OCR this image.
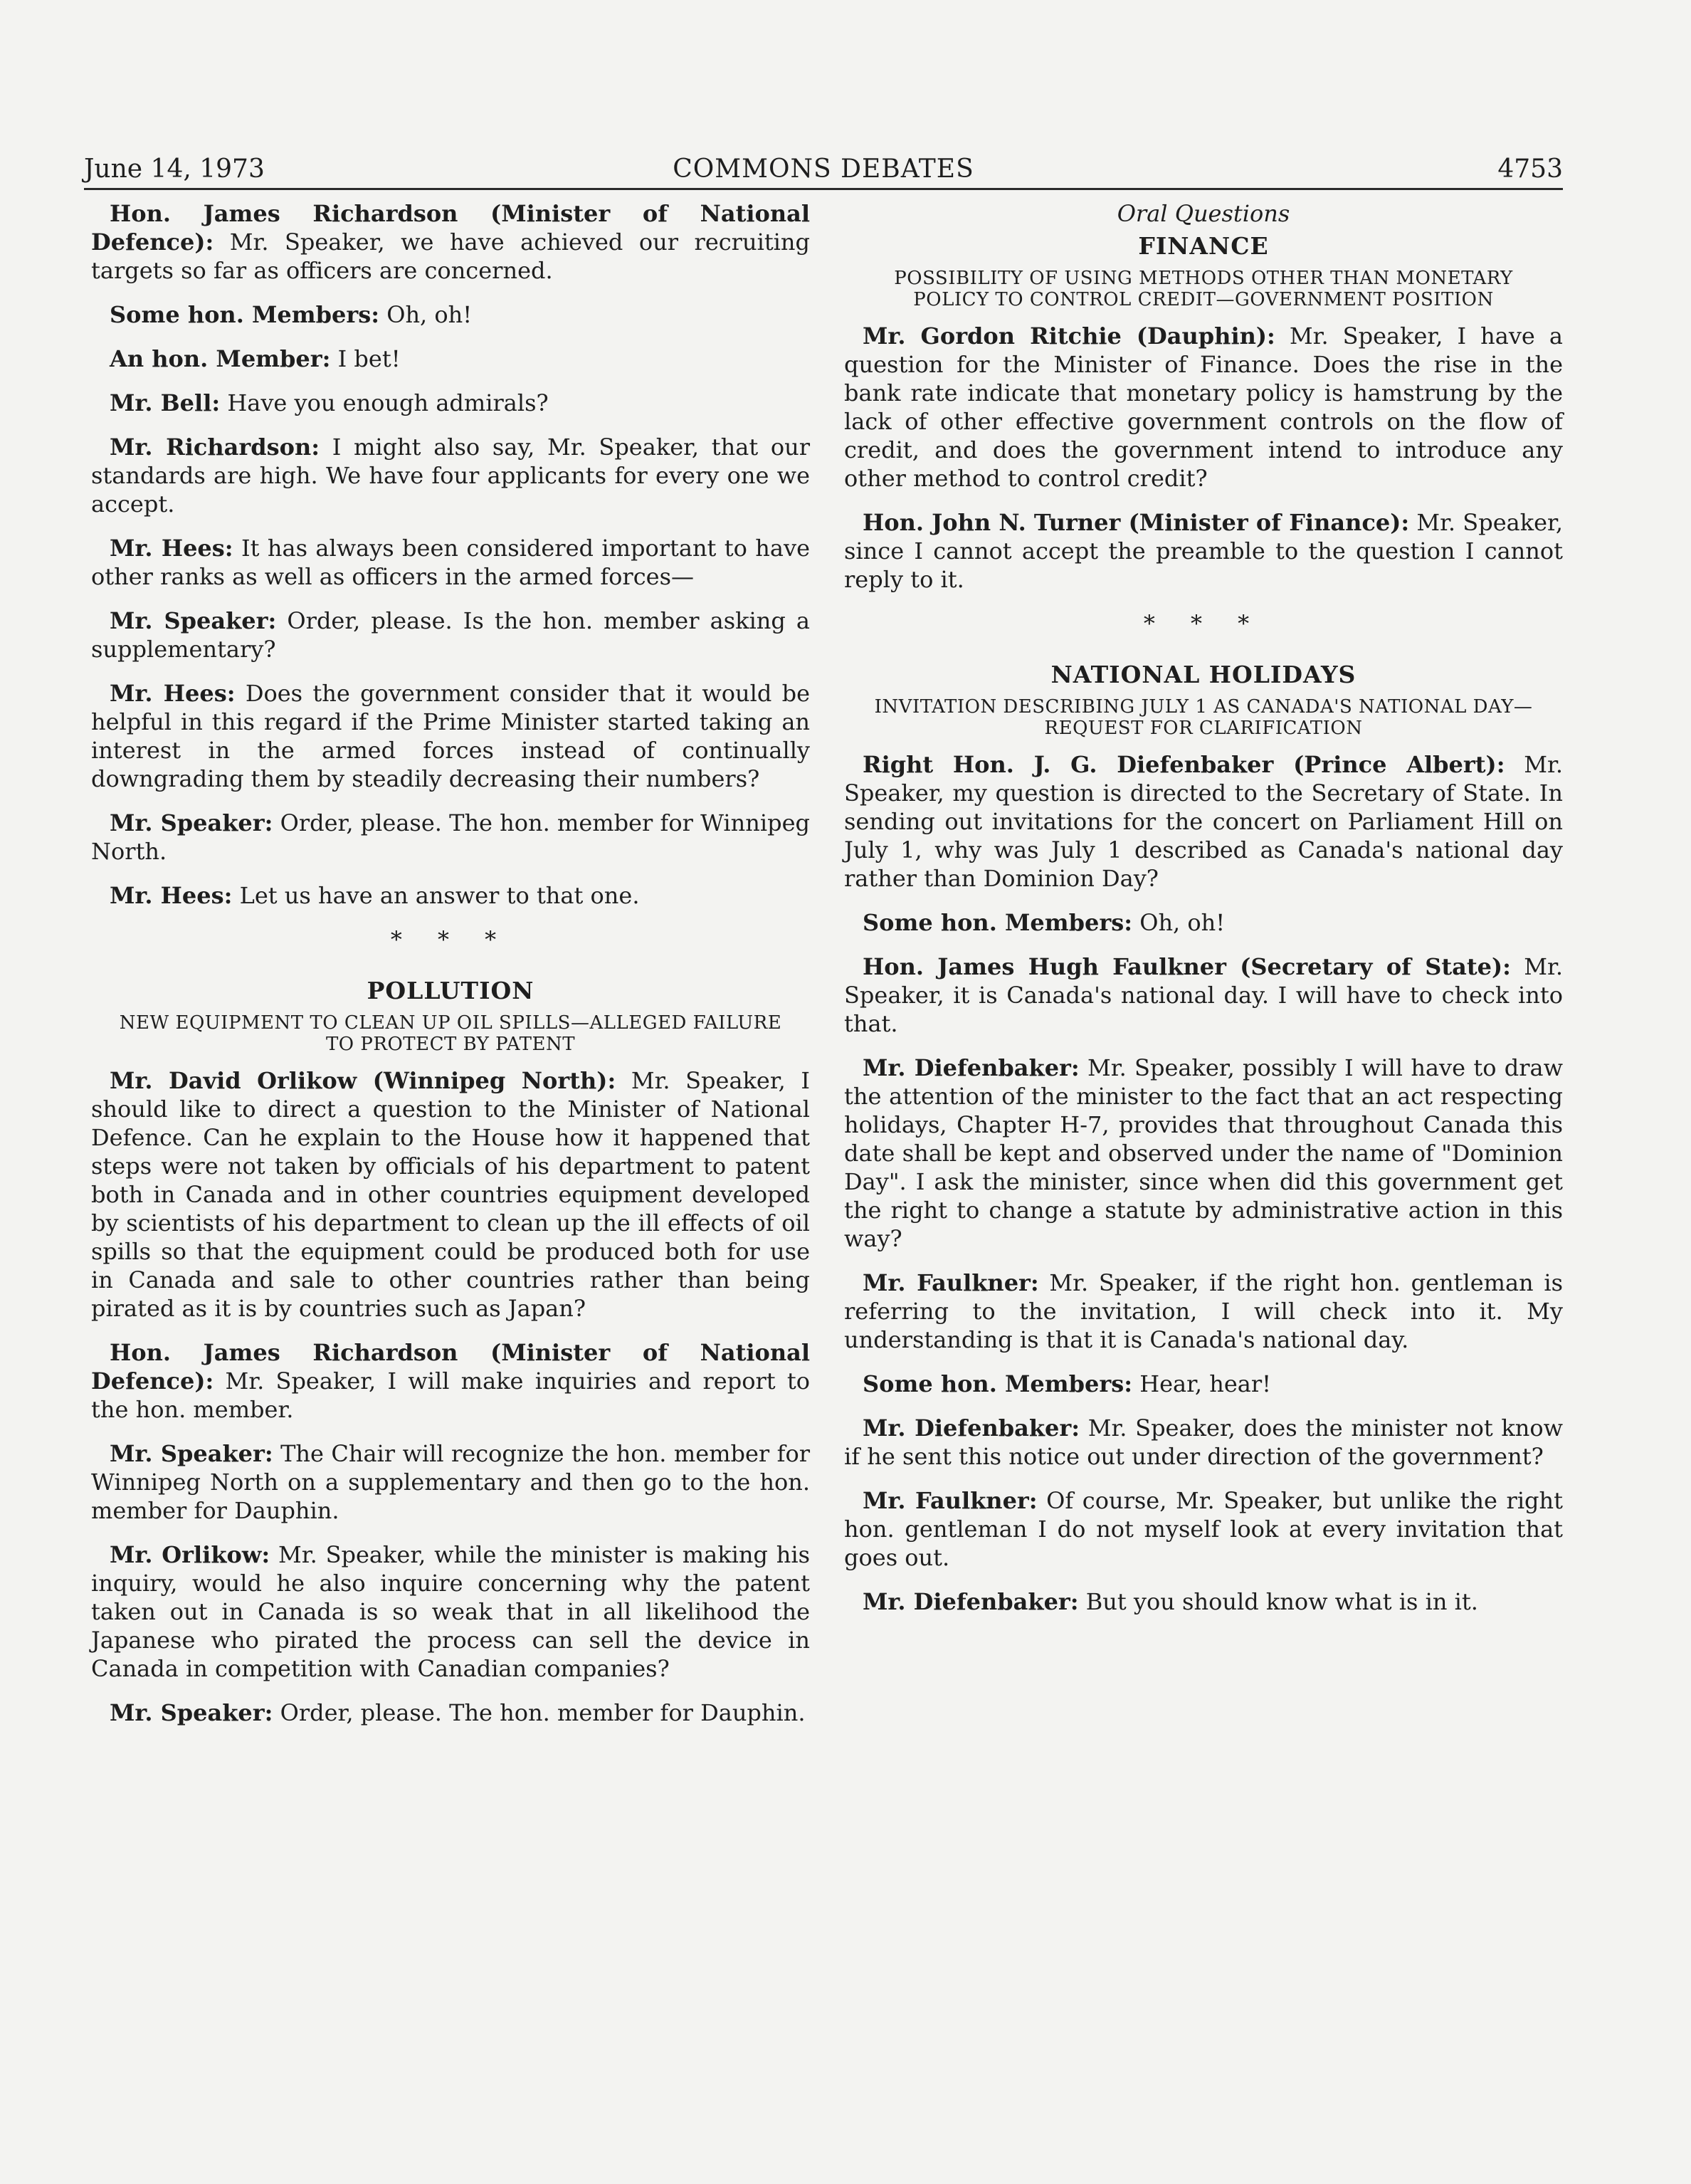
June 14, 1973	COMMONS DEBATES	4753

Hon. James Richardson (Minister of National Defence): Mr. Speaker, we have achieved our recruiting targets so far as officers are concerned.

Some hon. Members: Oh, oh!

An hon. Member: I bet!

Mr. Bell: Have you enough admirals?

Mr. Richardson: I might also say, Mr. Speaker, that our standards are high. We have four applicants for every one we accept.

Mr. Hees: It has always been considered important to have other ranks as well as officers in the armed forces—

Mr. Speaker: Order, please. Is the hon. member asking a supplementary?

Mr. Hees: Does the government consider that it would be helpful in this regard if the Prime Minister started taking an interest in the armed forces instead of continually downgrading them by steadily decreasing their numbers?

Mr. Speaker: Order, please. The hon. member for Winnipeg North.

Mr. Hees: Let us have an answer to that one.

* * *
POLLUTION
NEW EQUIPMENT TO CLEAN UP OIL SPILLS—ALLEGED FAILURE TO PROTECT BY PATENT

Mr. David Orlikow (Winnipeg North): Mr. Speaker, I should like to direct a question to the Minister of National Defence. Can he explain to the House how it happened that steps were not taken by officials of his department to patent both in Canada and in other countries equipment developed by scientists of his department to clean up the ill effects of oil spills so that the equipment could be produced both for use in Canada and sale to other countries rather than being pirated as it is by countries such as Japan?

Hon. James Richardson (Minister of National Defence): Mr. Speaker, I will make inquiries and report to the hon. member.

Mr. Speaker: The Chair will recognize the hon. member for Winnipeg North on a supplementary and then go to the hon. member for Dauphin.

Mr. Orlikow: Mr. Speaker, while the minister is making his inquiry, would he also inquire concerning why the patent taken out in Canada is so weak that in all likelihood the Japanese who pirated the process can sell the device in Canada in competition with Canadian companies?

Mr. Speaker: Order, please. The hon. member for Dauphin.

Oral Questions
FINANCE
POSSIBILITY OF USING METHODS OTHER THAN MONETARY POLICY TO CONTROL CREDIT—GOVERNMENT POSITION

Mr. Gordon Ritchie (Dauphin): Mr. Speaker, I have a question for the Minister of Finance. Does the rise in the bank rate indicate that monetary policy is hamstrung by the lack of other effective government controls on the flow of credit, and does the government intend to introduce any other method to control credit?

Hon. John N. Turner (Minister of Finance): Mr. Speaker, since I cannot accept the preamble to the question I cannot reply to it.

* * *
NATIONAL HOLIDAYS
INVITATION DESCRIBING JULY 1 AS CANADA'S NATIONAL DAY—REQUEST FOR CLARIFICATION

Right Hon. J. G. Diefenbaker (Prince Albert): Mr. Speaker, my question is directed to the Secretary of State. In sending out invitations for the concert on Parliament Hill on July 1, why was July 1 described as Canada's national day rather than Dominion Day?

Some hon. Members: Oh, oh!

Hon. James Hugh Faulkner (Secretary of State): Mr. Speaker, it is Canada's national day. I will have to check into that.

Mr. Diefenbaker: Mr. Speaker, possibly I will have to draw the attention of the minister to the fact that an act respecting holidays, Chapter H-7, provides that throughout Canada this date shall be kept and observed under the name of "Dominion Day". I ask the minister, since when did this government get the right to change a statute by administrative action in this way?

Mr. Faulkner: Mr. Speaker, if the right hon. gentleman is referring to the invitation, I will check into it. My understanding is that it is Canada's national day.

Some hon. Members: Hear, hear!

Mr. Diefenbaker: Mr. Speaker, does the minister not know if he sent this notice out under direction of the government?

Mr. Faulkner: Of course, Mr. Speaker, but unlike the right hon. gentleman I do not myself look at every invitation that goes out.

Mr. Diefenbaker: But you should know what is in it.
